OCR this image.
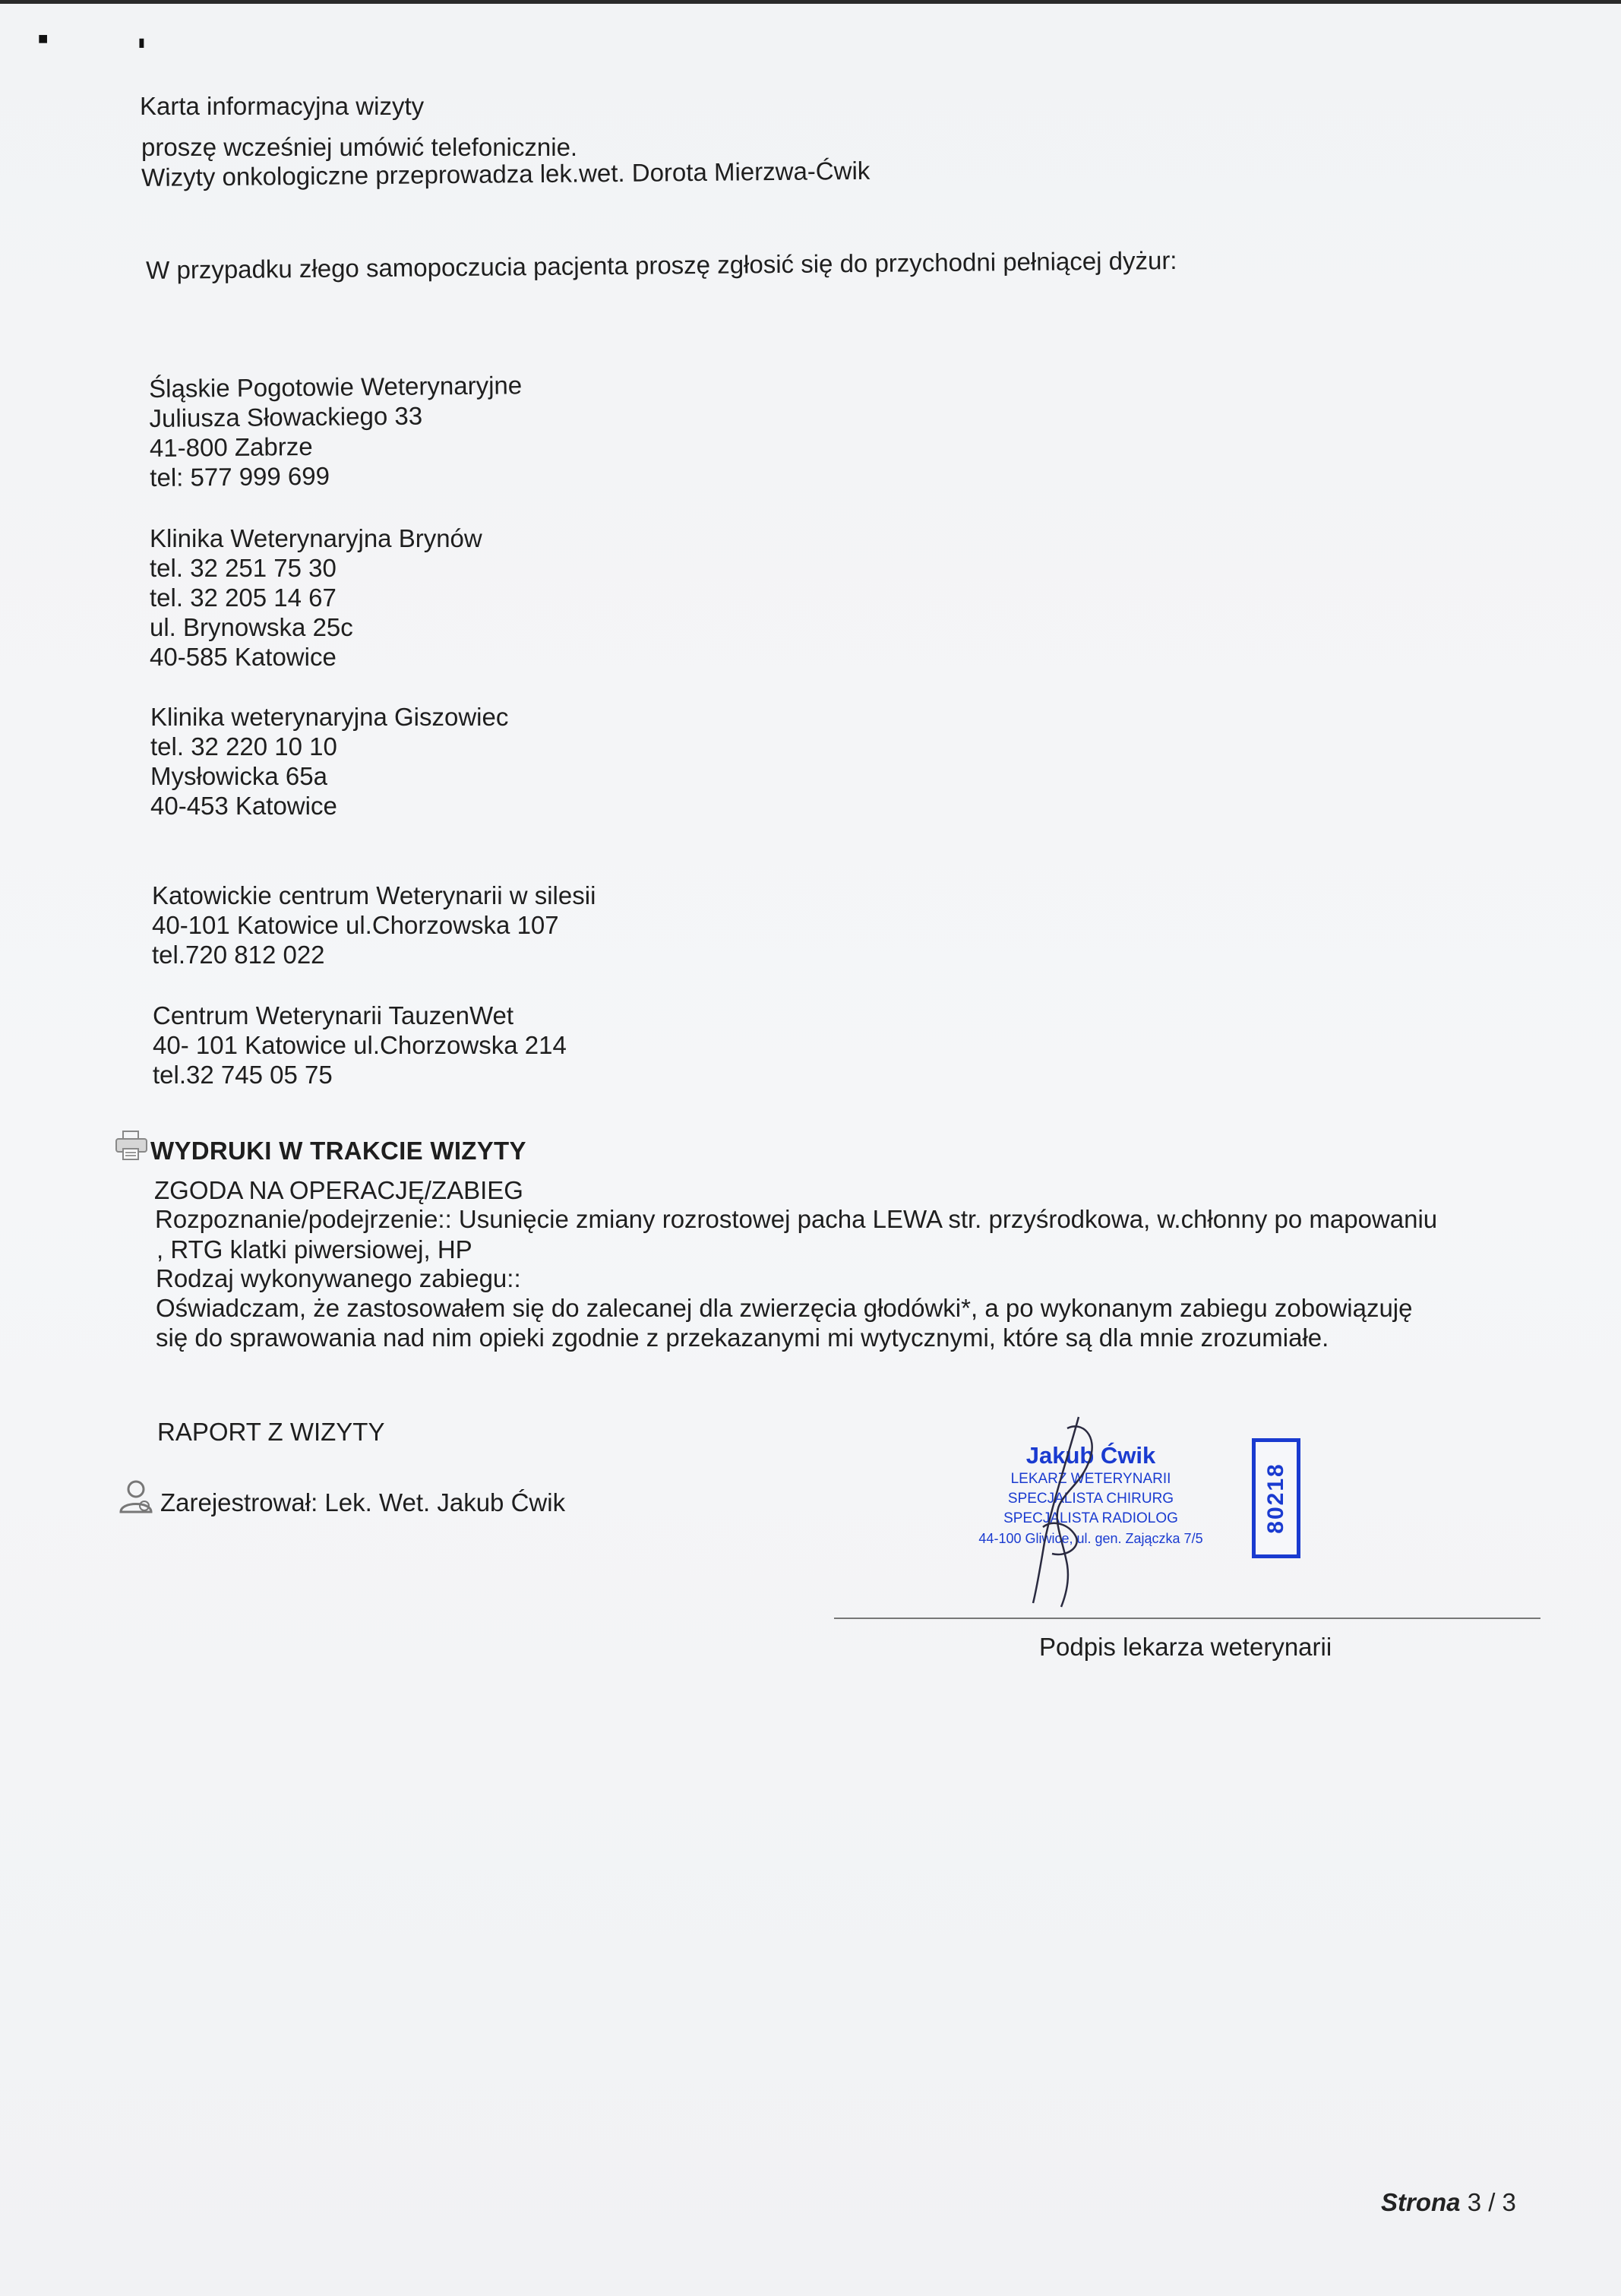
■	▮
Karta informacyjna wizyty
proszę wcześniej umówić telefonicznie.
Wizyty onkologiczne przeprowadza lek.wet. Dorota Mierzwa-Ćwik
W przypadku złego samopoczucia pacjenta proszę zgłosić się do przychodni pełniącej dyżur:
Śląskie Pogotowie Weterynaryjne
Juliusza Słowackiego 33
41-800 Zabrze
tel: 577 999 699
Klinika Weterynaryjna Brynów
tel. 32 251 75 30
tel. 32 205 14 67
ul. Brynowska 25c
40-585 Katowice
Klinika weterynaryjna Giszowiec
tel. 32 220 10 10
Mysłowicka 65a
40-453 Katowice
Katowickie centrum Weterynarii w silesii
40-101 Katowice ul.Chorzowska 107
tel.720 812 022
Centrum Weterynarii TauzenWet
40- 101 Katowice ul.Chorzowska 214
tel.32 745 05 75
WYDRUKI W TRAKCIE WIZYTY
ZGODA NA OPERACJĘ/ZABIEG
Rozpoznanie/podejrzenie:: Usunięcie zmiany rozrostowej pacha LEWA str. przyśrodkowa, w.chłonny po mapowaniu
, RTG klatki piwersiowej, HP
Rodzaj wykonywanego zabiegu::
Oświadczam, że zastosowałem się do zalecanej dla zwierzęcia głodówki*, a po wykonanym zabiegu zobowiązuję
się do sprawowania nad nim opieki zgodnie z przekazanymi mi wytycznymi, które są dla mnie zrozumiałe.
RAPORT Z WIZYTY
Zarejestrował: Lek. Wet. Jakub Ćwik
Jakub Ćwik
LEKARZ WETERYNARII
SPECJALISTA CHIRURG
SPECJALISTA RADIOLOG
44-100 Gliwice, ul. gen. Zajączka 7/5
80218
Podpis lekarza weterynarii
Strona 3 / 3
